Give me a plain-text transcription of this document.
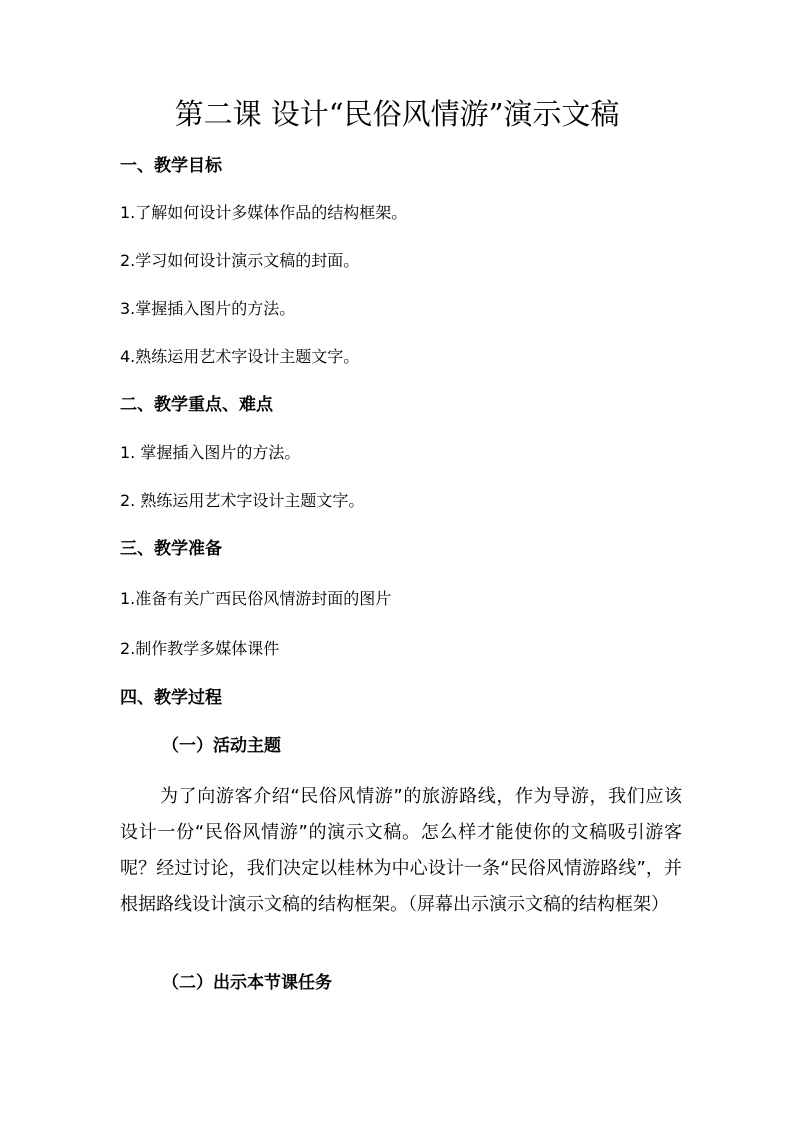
第二课 设计“民俗风情游”演示文稿
一、教学目标
1.了解如何设计多媒体作品的结构框架。
2.学习如何设计演示文稿的封面。
3.掌握插入图片的方法。
4.熟练运用艺术字设计主题文字。
二、教学重点、难点
1. 掌握插入图片的方法。
2. 熟练运用艺术字设计主题文字。
三、教学准备
1.准备有关广西民俗风情游封面的图片
2.制作教学多媒体课件
四、教学过程
（一）活动主题

为了向游客介绍“民俗风情游”的旅游路线，作为导游，我们应该设计一份“民俗风情游”的演示文稿。怎么样才能使你的文稿吸引游客呢？经过讨论，我们决定以桂林为中心设计一条“民俗风情游路线”，并根据路线设计演示文稿的结构框架。（屏幕出示演示文稿的结构框架）

（二）出示本节课任务
